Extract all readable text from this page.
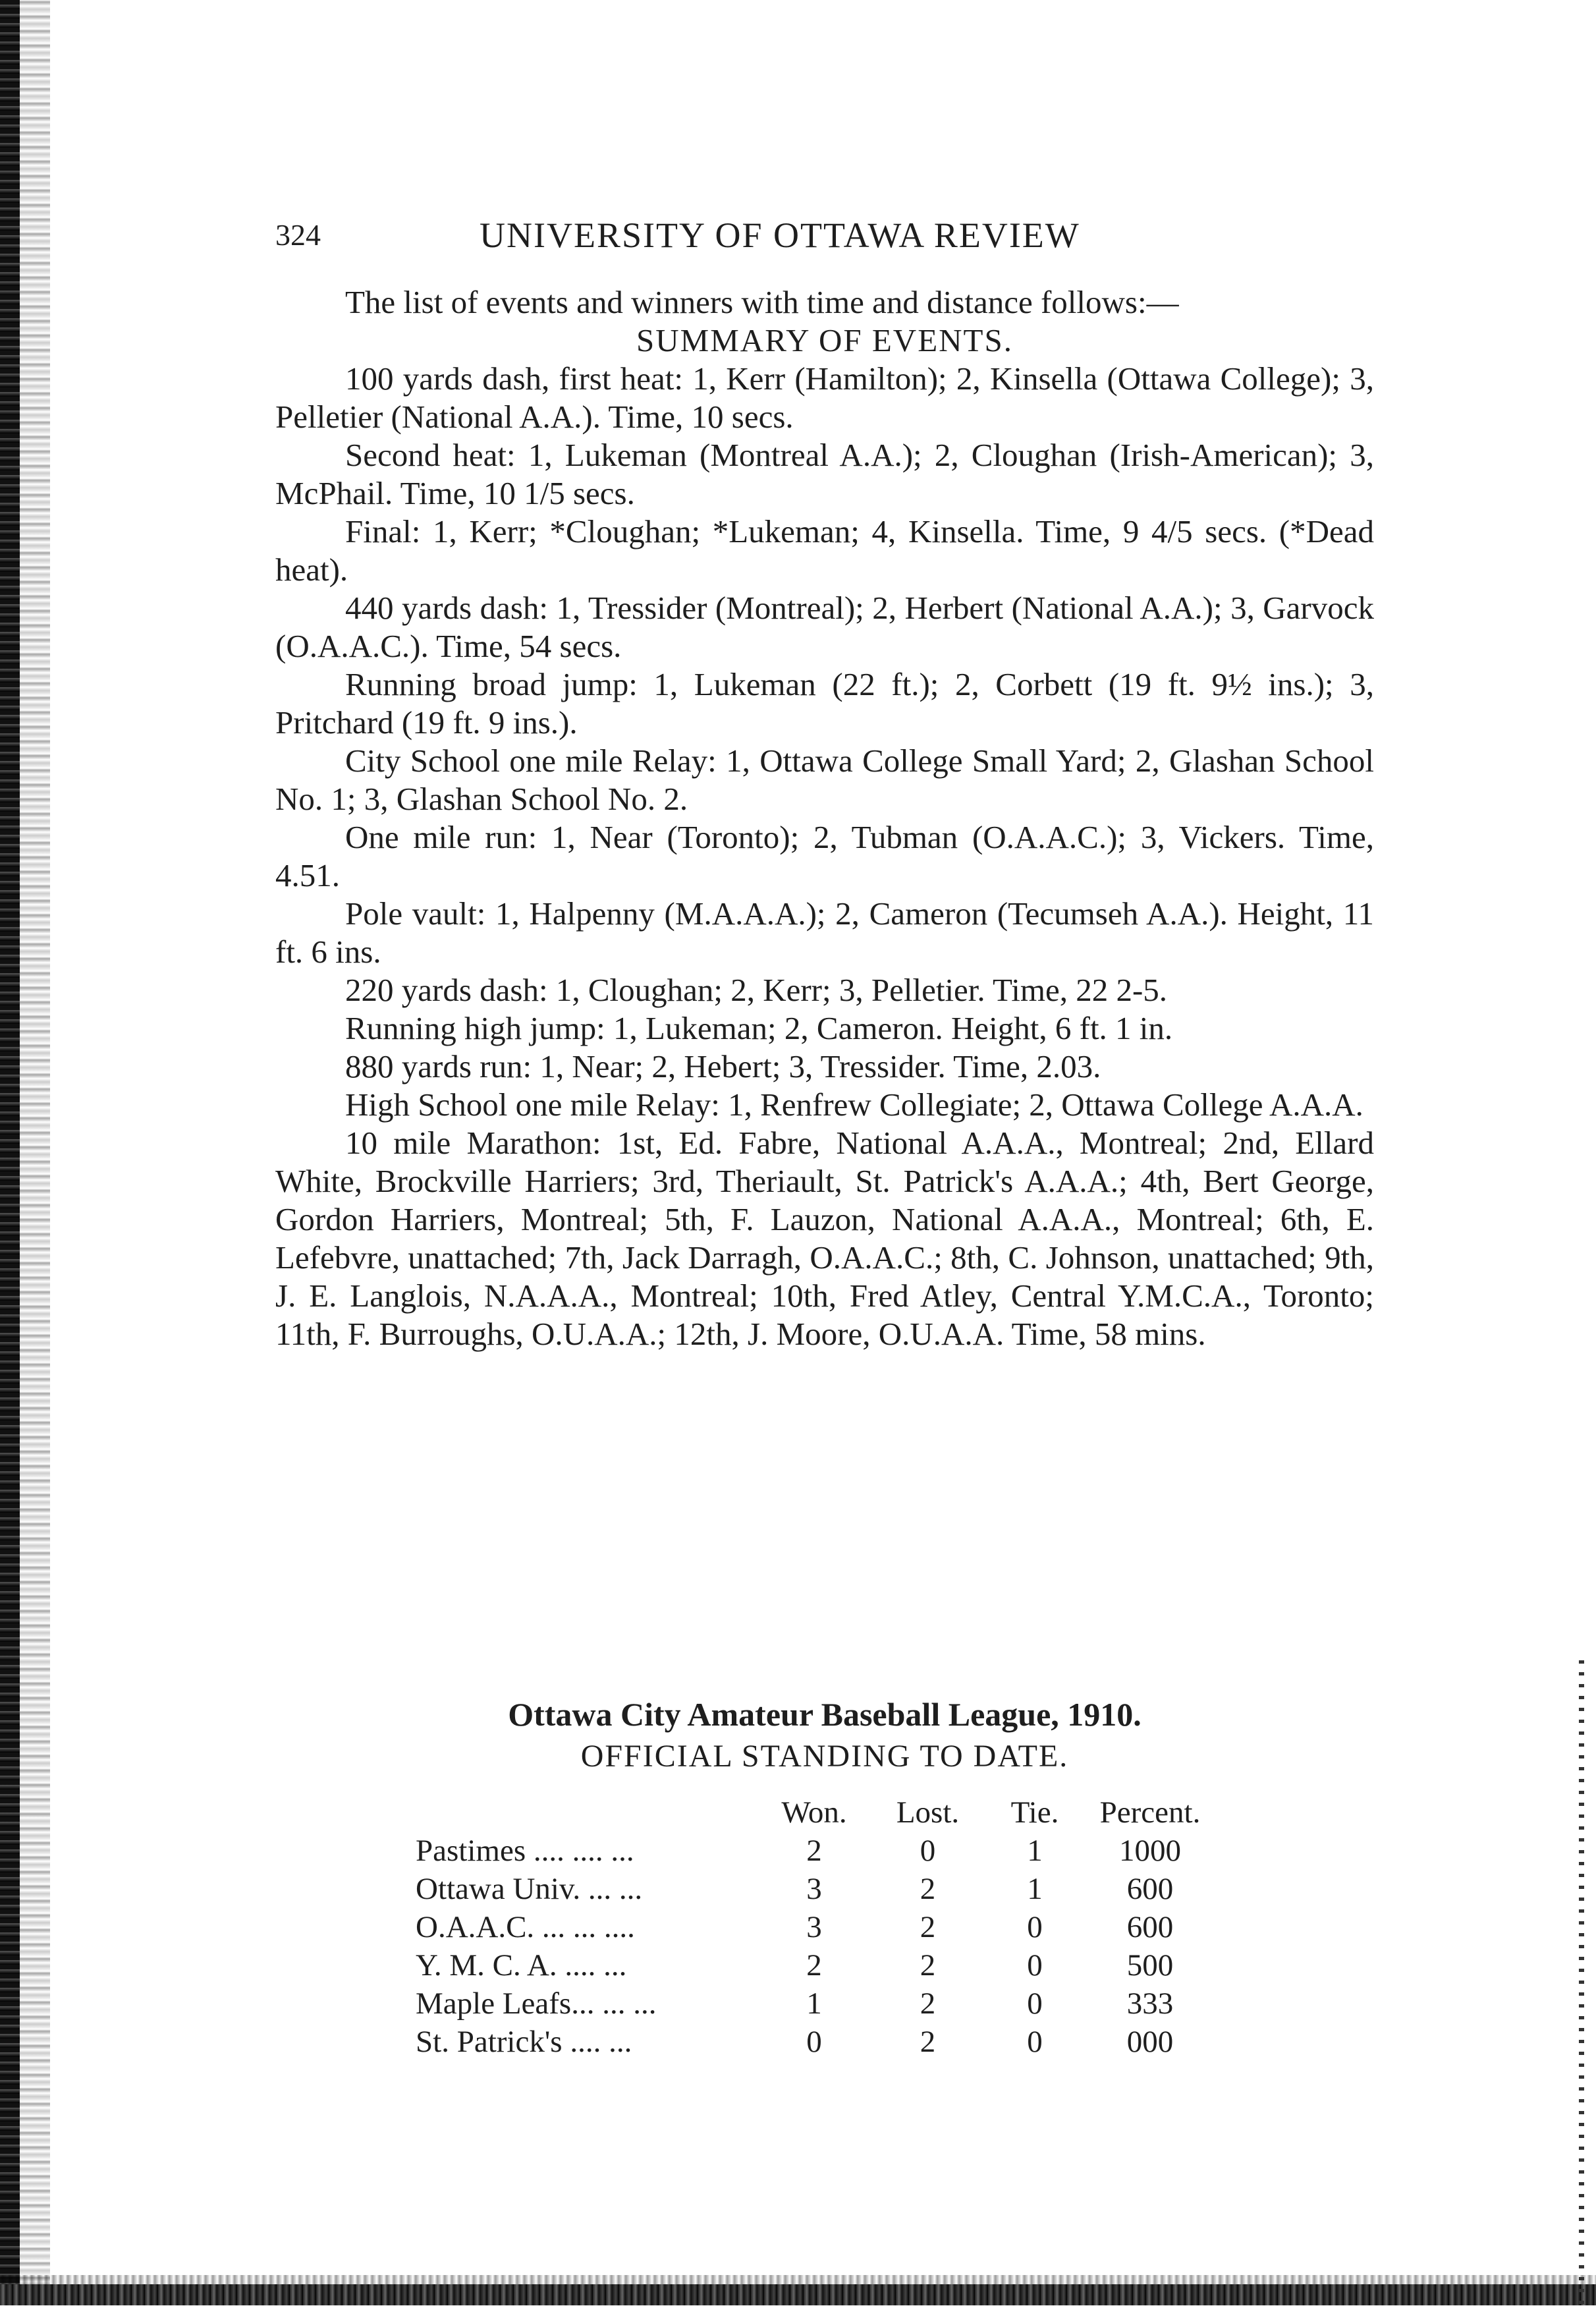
324	UNIVERSITY OF OTTAWA REVIEW

The list of events and winners with time and distance follows:—

SUMMARY OF EVENTS.

100 yards dash, first heat: 1, Kerr (Hamilton); 2, Kinsella (Ottawa College); 3, Pelletier (National A.A.). Time, 10 secs.

Second heat: 1, Lukeman (Montreal A.A.); 2, Cloughan (Irish-American); 3, McPhail. Time, 10 1/5 secs.

Final: 1, Kerr; *Cloughan; *Lukeman; 4, Kinsella. Time, 9 4/5 secs. (*Dead heat).

440 yards dash: 1, Tressider (Montreal); 2, Herbert (National A.A.); 3, Garvock (O.A.A.C.). Time, 54 secs.

Running broad jump: 1, Lukeman (22 ft.); 2, Corbett (19 ft. 9½ ins.); 3, Pritchard (19 ft. 9 ins.).

City School one mile Relay: 1, Ottawa College Small Yard; 2, Glashan School No. 1; 3, Glashan School No. 2.

One mile run: 1, Near (Toronto); 2, Tubman (O.A.A.C.); 3, Vickers. Time, 4.51.

Pole vault: 1, Halpenny (M.A.A.A.); 2, Cameron (Tecumseh A.A.). Height, 11 ft. 6 ins.

220 yards dash: 1, Cloughan; 2, Kerr; 3, Pelletier. Time, 22 2-5.

Running high jump: 1, Lukeman; 2, Cameron. Height, 6 ft. 1 in.

880 yards run: 1, Near; 2, Hebert; 3, Tressider. Time, 2.03.

High School one mile Relay: 1, Renfrew Collegiate; 2, Ottawa College A.A.A.

10 mile Marathon: 1st, Ed. Fabre, National A.A.A., Montreal; 2nd, Ellard White, Brockville Harriers; 3rd, Theriault, St. Patrick's A.A.A.; 4th, Bert George, Gordon Harriers, Montreal; 5th, F. Lauzon, National A.A.A., Montreal; 6th, E. Lefebvre, unattached; 7th, Jack Darragh, O.A.A.C.; 8th, C. Johnson, unattached; 9th, J. E. Langlois, N.A.A.A., Montreal; 10th, Fred Atley, Central Y.M.C.A., Toronto; 11th, F. Burroughs, O.U.A.A.; 12th, J. Moore, O.U.A.A. Time, 58 mins.

Ottawa City Amateur Baseball League, 1910.
OFFICIAL STANDING TO DATE.
	Won.	Lost.	Tie.	Percent.
Pastimes .... .... ...	2	0	1	1000
Ottawa Univ. ... ...	3	2	1	600
O.A.A.C. ... ... ....	3	2	0	600
Y. M. C. A. .... ...	2	2	0	500
Maple Leafs... ... ...	1	2	0	333
St. Patrick's .... ...	0	2	0	000
